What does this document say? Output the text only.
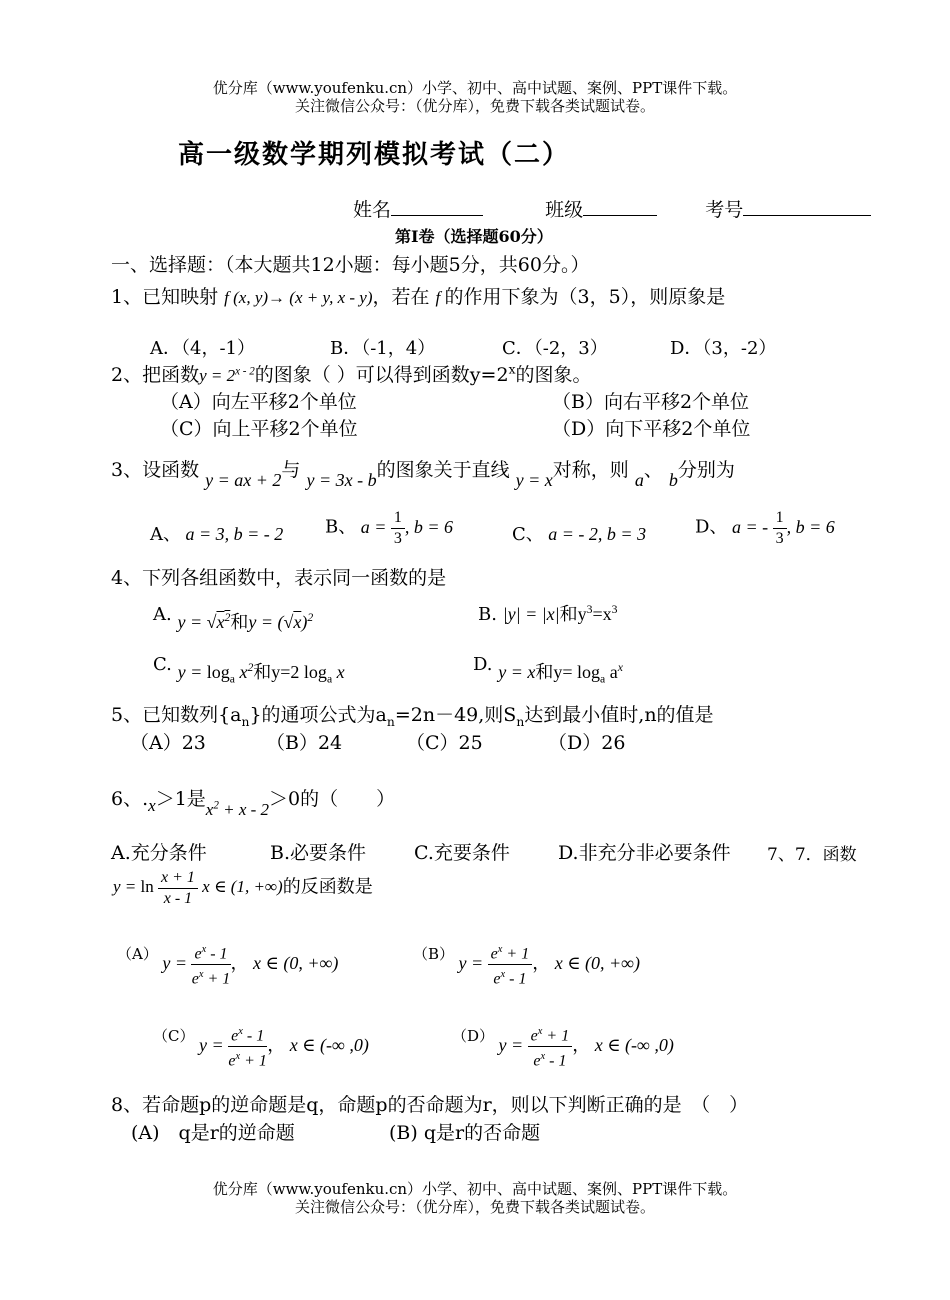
优分库（www.youfenku.cn）小学、初中、高中试题、案例、PPT课件下载。
关注微信公众号：（优分库），免费下载各类试题试卷。
高一级数学期列模拟考试（二）
姓名	班级	考号
第Ⅰ卷（选择题60分）
一、选择题：（本大题共12小题：每小题5分，共60分。）
1、已知映射 f (x, y)→ (x + y, x - y)，若在 f 的作用下象为（3，5），则原象是
A．（4，-1）	B．（-1，4）	C．（-2，3）	D．（3，-2）
2、把函数$y = 2^{x - 2}$的图象（ ）可以得到函数$y=2^x$的图象。
（A）向左平移2个单位	（B）向右平移2个单位
（C）向上平移2个单位	（D）向下平移2个单位
3、设函数 y = ax + 2与 y = 3x - b的图象关于直线 y = x对称，则 a、 b分别为
A、 a = 3, b = - 2 B、 $a = \frac{1}{3}$ , b = 6	C、 a = - 2, b = 3	D、 a = - $\frac{1}{3}$ , b = 6
4、下列各组函数中，表示同一函数的是
A. $y = √x^2$和$y = (√x)^2$	B. |y| = |x|和$y^3=x^3$
C. $y = \log_a x^2$和y=2 $\log_a x$	D. y = x和$y= \log_a a^x$
5、已知数列$\{a_n\}$的通项公式为$a_n=2n-49$,则$S_n$达到最小值时,n的值是
（A）23	（B）24	（C）25	（D）26
6、.x＞1是$x^2 + x - 2>0$的（　　）
A.充分条件	B.必要条件	C.充要条件	D.非充分非必要条件 7、7．函数
$y = \ln \frac{x + 1}{x - 1}$ x ∈ (1, +∞)的反函数是
（A） $y = \frac{e^x - 1}{e^x + 1}$ ， x ∈ (0, +∞)	（B） $y = \frac{e^x + 1}{e^x - 1}$ ， x ∈ (0, +∞)
（C） $y = \frac{e^x - 1}{e^x + 1}$ ， x ∈ (-∞ ,0)	（D） $y = \frac{e^x + 1}{e^x - 1}$ ， x ∈ (-∞ ,0)
8、若命题p的逆命题是q，命题p的否命题为r，则以下判断正确的是　（　）
(A)　q是r的逆命题	(B) q是r的否命题
优分库（www.youfenku.cn）小学、初中、高中试题、案例、PPT课件下载。
关注微信公众号：（优分库），免费下载各类试题试卷。
